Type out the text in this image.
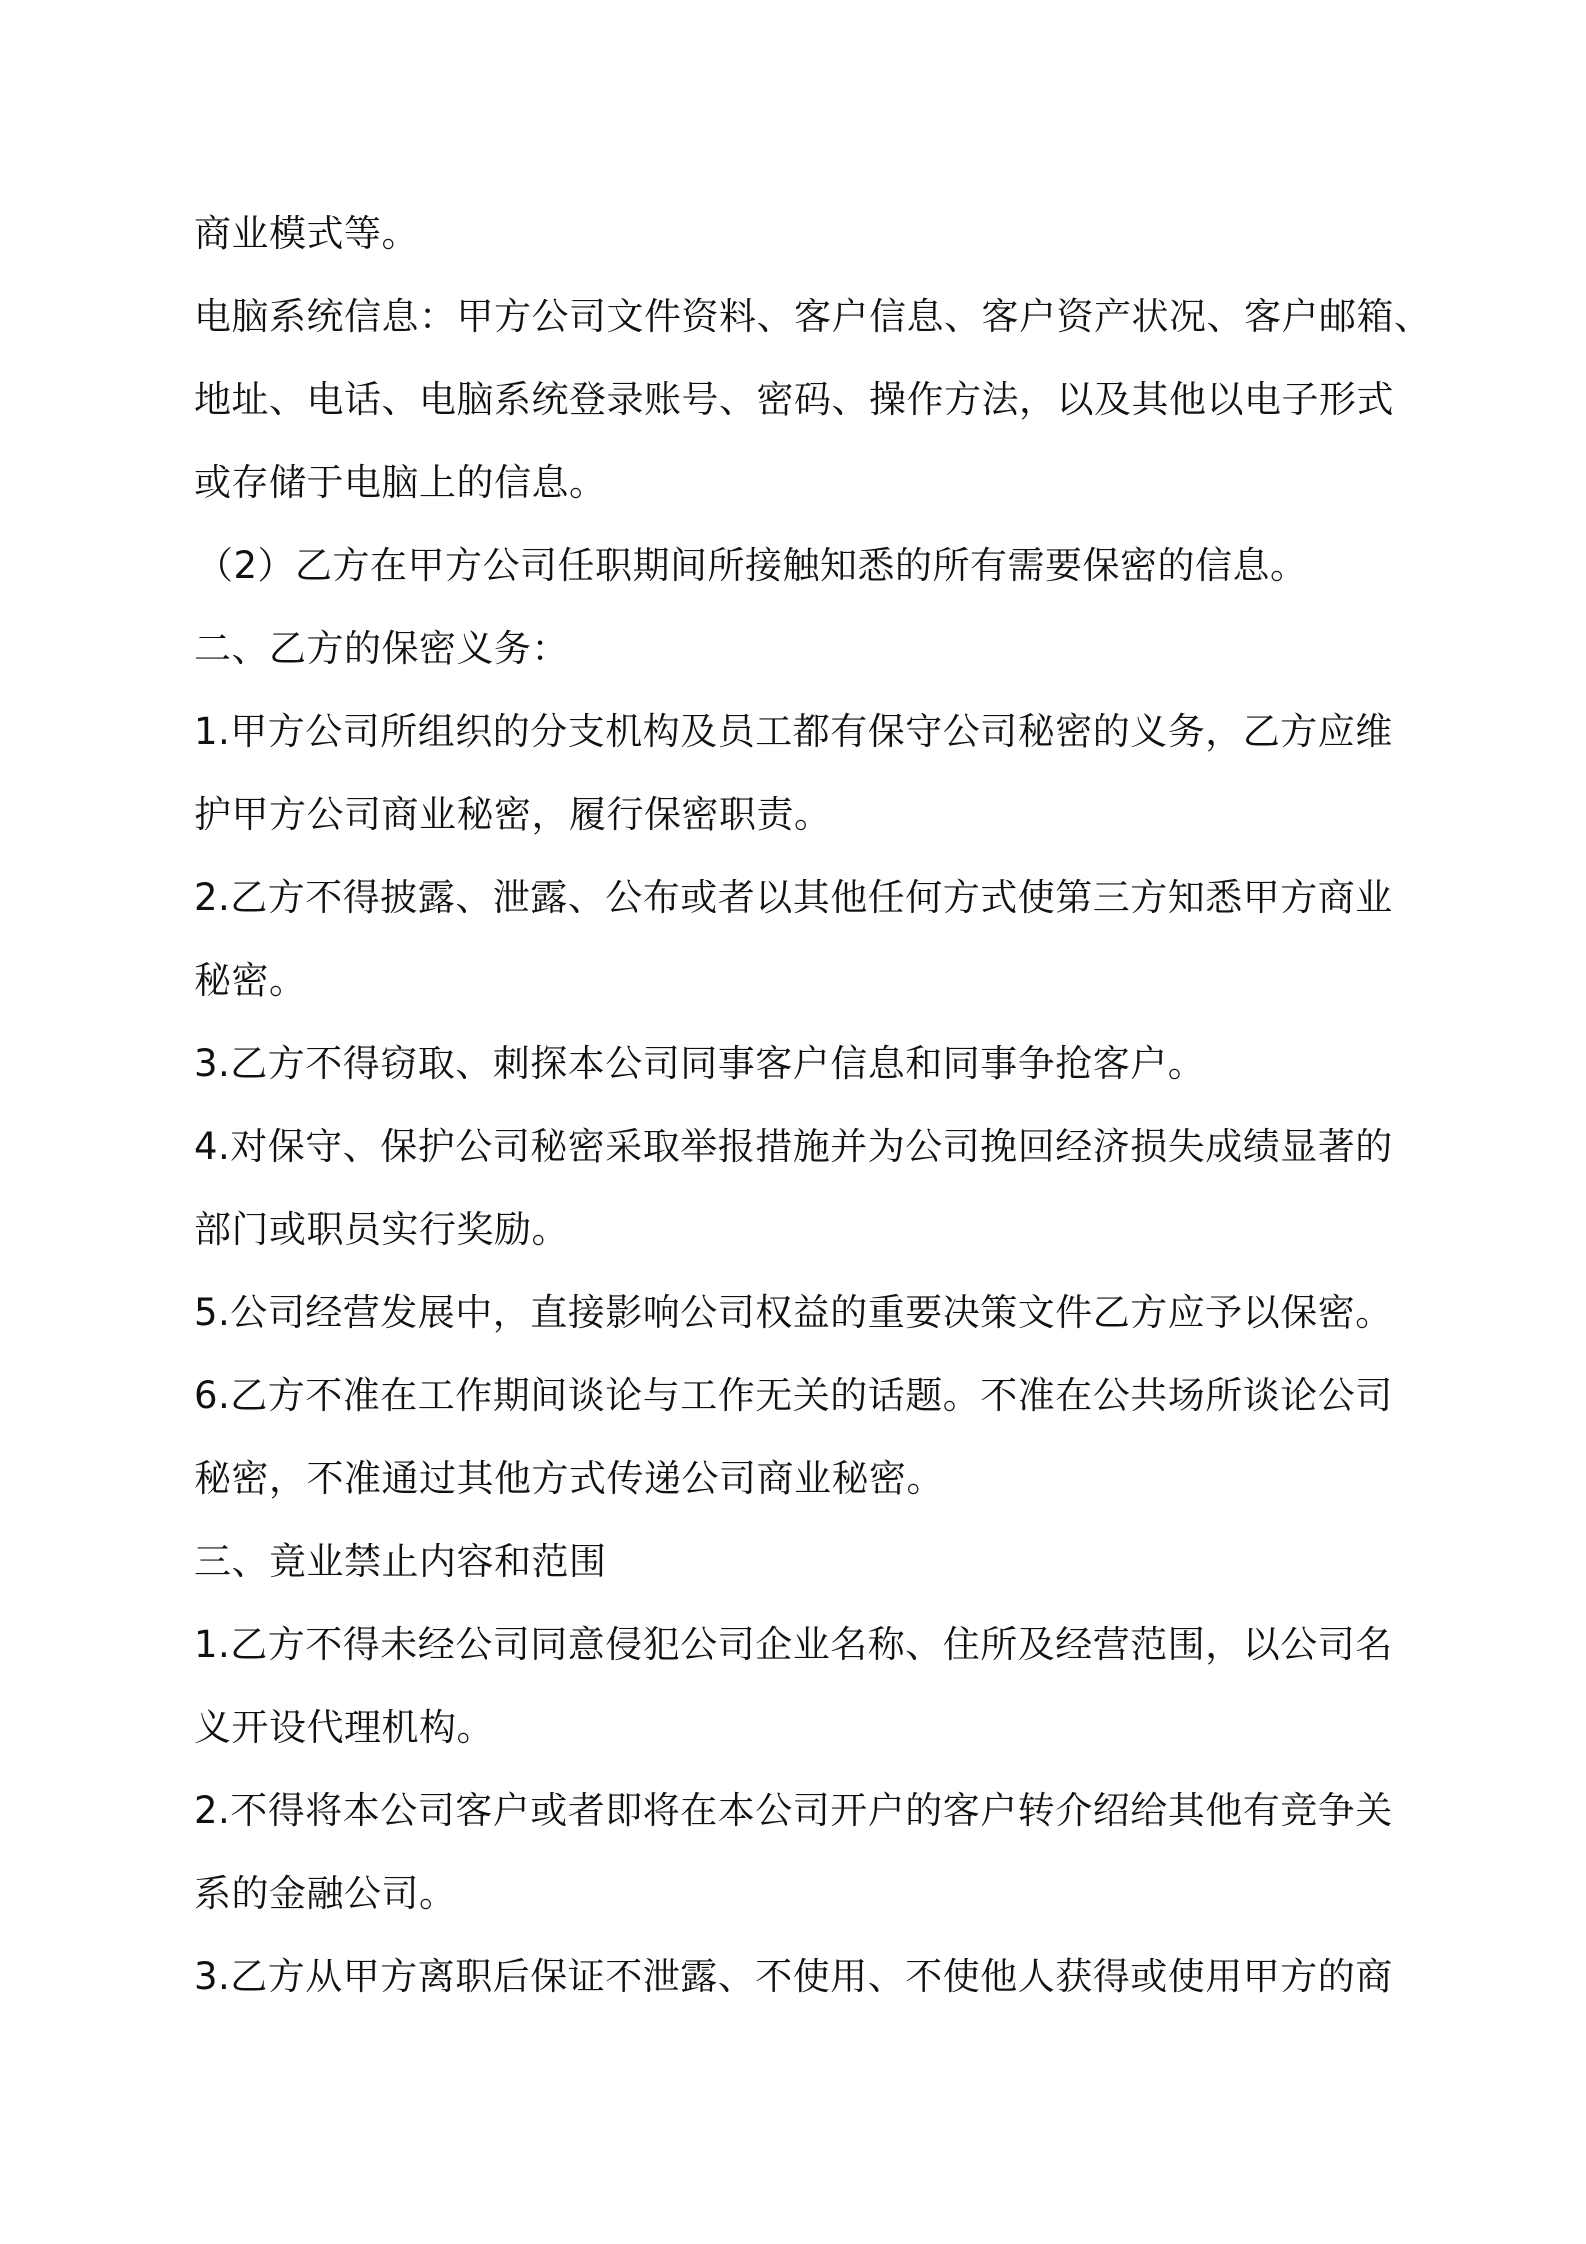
商业模式等。
电脑系统信息：甲方公司文件资料、客户信息、客户资产状况、客户邮箱、
地址、电话、电脑系统登录账号、密码、操作方法，以及其他以电子形式
或存储于电脑上的信息。
（2）乙方在甲方公司任职期间所接触知悉的所有需要保密的信息。
二、乙方的保密义务：
1.甲方公司所组织的分支机构及员工都有保守公司秘密的义务，乙方应维
护甲方公司商业秘密，履行保密职责。
2.乙方不得披露、泄露、公布或者以其他任何方式使第三方知悉甲方商业
秘密。
3.乙方不得窃取、刺探本公司同事客户信息和同事争抢客户。
4.对保守、保护公司秘密采取举报措施并为公司挽回经济损失成绩显著的
部门或职员实行奖励。
5.公司经营发展中，直接影响公司权益的重要决策文件乙方应予以保密。
6.乙方不准在工作期间谈论与工作无关的话题。不准在公共场所谈论公司
秘密，不准通过其他方式传递公司商业秘密。
三、竟业禁止内容和范围
1.乙方不得未经公司同意侵犯公司企业名称、住所及经营范围，以公司名
义开设代理机构。
2.不得将本公司客户或者即将在本公司开户的客户转介绍给其他有竞争关
系的金融公司。
3.乙方从甲方离职后保证不泄露、不使用、不使他人获得或使用甲方的商
